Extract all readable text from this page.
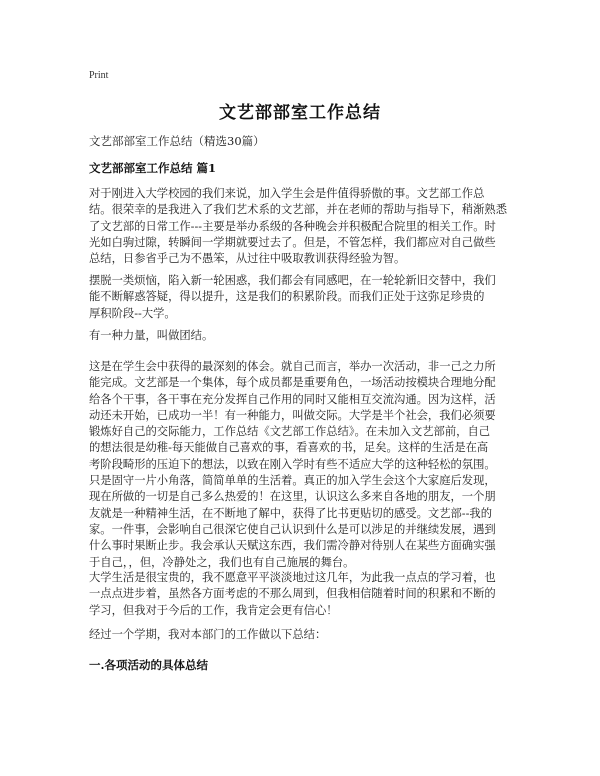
Print
文艺部部室工作总结
文艺部部室工作总结（精选30篇）
文艺部部室工作总结 篇1
对于刚进入大学校园的我们来说，加入学生会是件值得骄傲的事。文艺部工作总
结。很荣幸的是我进入了我们艺术系的文艺部，并在老师的帮助与指导下，稍渐熟悉
了文艺部的日常工作---主要是举办系级的各种晚会并积极配合院里的相关工作。时
光如白驹过隙，转瞬间一学期就要过去了。但是，不管怎样，我们都应对自己做些
总结，日参省乎己为不愚笨，从过往中吸取教训获得经验为智。
摆脱一类烦恼，陷入新一轮困惑，我们都会有同感吧，在一轮轮新旧交替中，我们
能不断解惑答疑，得以提升，这是我们的积累阶段。而我们正处于这弥足珍贵的
厚积阶段--大学。
有一种力量，叫做团结。
这是在学生会中获得的最深刻的体会。就自己而言，举办一次活动，非一己之力所
能完成。文艺部是一个集体，每个成员都是重要角色，一场活动按模块合理地分配
给各个干事，各干事在充分发挥自己作用的同时又能相互交流沟通。因为这样，活
动还未开始，已成功一半！有一种能力，叫做交际。大学是半个社会，我们必须要
锻炼好自己的交际能力，工作总结《文艺部工作总结》。在未加入文艺部前，自己
的想法很是幼稚-每天能做自己喜欢的事，看喜欢的书，足矣。这样的生活是在高
考阶段畸形的压迫下的想法，以致在刚入学时有些不适应大学的这种轻松的氛围。
只是固守一片小角落，简简单单的生活着。真正的加入学生会这个大家庭后发现，
现在所做的一切是自己多么热爱的！在这里，认识这么多来自各地的朋友，一个朋
友就是一种精神生活，在不断地了解中，获得了比书更贴切的感受。文艺部--我的
家。一件事，会影响自己很深它使自己认识到什么是可以涉足的并继续发展，遇到
什么事时果断止步。我会承认天赋这东西，我们需冷静对待别人在某些方面确实强
于自己，，但，冷静处之，我们也有自己施展的舞台。
大学生活是很宝贵的，我不愿意平平淡淡地过这几年，为此我一点点的学习着，也
一点点进步着，虽然各方面考虑的不那么周到，但我相信随着时间的积累和不断的
学习，但我对于今后的工作，我肯定会更有信心！
经过一个学期，我对本部门的工作做以下总结：
一.各项活动的具体总结
